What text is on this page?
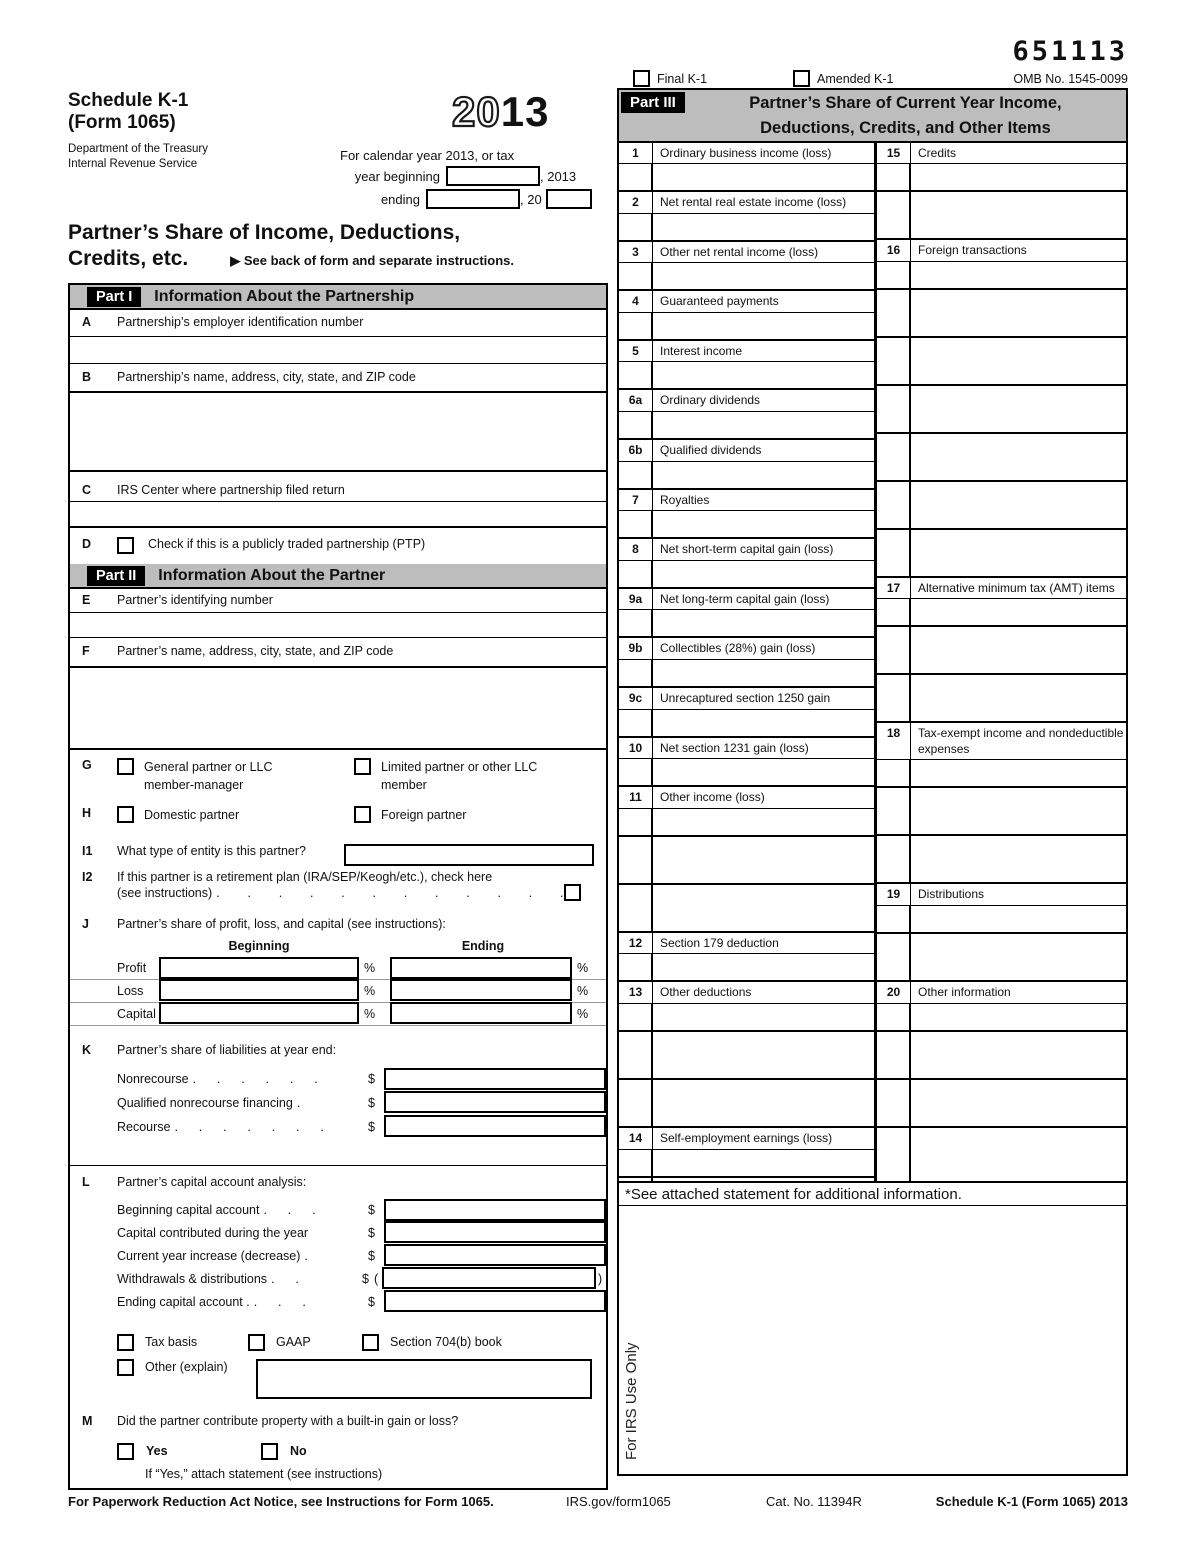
651113
OMB No. 1545-0099
Final K-1	Amended K-1
Schedule K-1
(Form 1065)
Department of the Treasury
Internal Revenue Service
2013
For calendar year 2013, or tax
year beginning	, 2013
ending	, 20
Partner’s Share of Income, Deductions,
Credits, etc.	▶ See back of form and separate instructions.
Part I	Information About the Partnership
A	Partnership’s employer identification number
B	Partnership’s name, address, city, state, and ZIP code
C	IRS Center where partnership filed return
D	Check if this is a publicly traded partnership (PTP)
Part II	Information About the Partner
E	Partner’s identifying number
F	Partner’s name, address, city, state, and ZIP code
G	General partner or LLC
member-manager
Limited partner or other LLC
member
H	Domestic partner	Foreign partner
I1	What type of entity is this partner?
I2	If this partner is a retirement plan (IRA/SEP/Keogh/etc.), check here
(see instructions) .        .        .        .        .        .        .        .        .        .        .        .
J	Partner’s share of profit, loss, and capital (see instructions):
Beginning	Ending
Profit	%	%
Loss	%	%
Capital	%	%
K	Partner’s share of liabilities at year end:
Nonrecourse .      .      .      .      .      .	$
Qualified nonrecourse financing .	$
Recourse .      .      .      .      .      .      .	$
L	Partner’s capital account analysis:
Beginning capital account .      .      .	$
Capital contributed during the year	$
Current year increase (decrease) .	$
Withdrawals & distributions .      .	$ (	)
Ending capital account . .      .      .	$
Tax basis	GAAP	Section 704(b) book
Other (explain)
M	Did the partner contribute property with a built-in gain or loss?
Yes	No
If “Yes,” attach statement (see instructions)
Part III	Partner’s Share of Current Year Income,
Deductions, Credits, and Other Items
1	Ordinary business income (loss)
2	Net rental real estate income (loss)
3	Other net rental income (loss)
4	Guaranteed payments
5	Interest income
6a	Ordinary dividends
6b	Qualified dividends
7	Royalties
8	Net short-term capital gain (loss)
9a	Net long-term capital gain (loss)
9b	Collectibles (28%) gain (loss)
9c	Unrecaptured section 1250 gain
10	Net section 1231 gain (loss)
11	Other income (loss)
12	Section 179 deduction
13	Other deductions
14	Self-employment earnings (loss)
15	Credits
16	Foreign transactions
17	Alternative minimum tax (AMT) items
18	Tax-exempt income and nondeductible expenses
19	Distributions
20	Other information
*See attached statement for additional information.
For IRS Use Only
For Paperwork Reduction Act Notice, see Instructions for Form 1065.	IRS.gov/form1065	Cat. No. 11394R	Schedule K-1 (Form 1065) 2013
